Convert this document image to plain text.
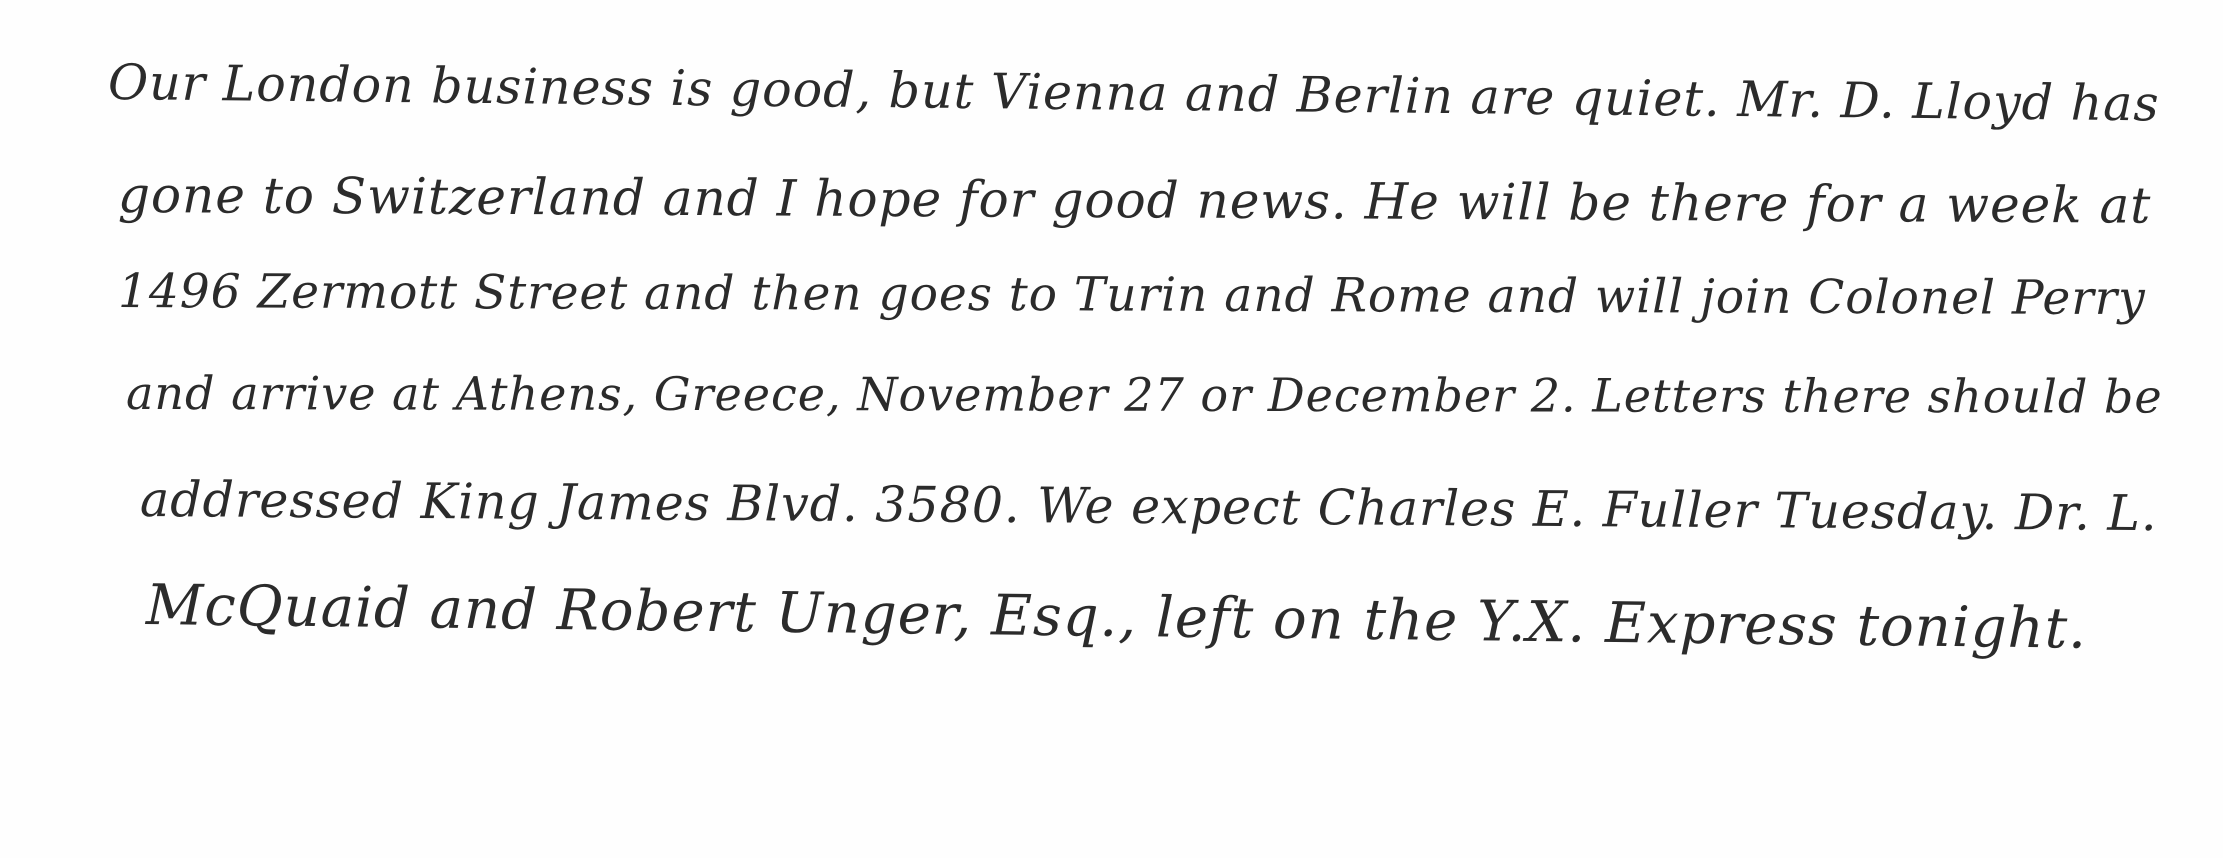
Our London business is good, but Vienna and Berlin are quiet. Mr. D. Lloyd has
gone to Switzerland and I hope for good news. He will be there for a week at
1496 Zermott Street and then goes to Turin and Rome and will join Colonel Perry
and arrive at Athens, Greece, November 27 or December 2. Letters there should be
addressed King James Blvd. 3580. We expect Charles E. Fuller Tuesday. Dr. L.
McQuaid and Robert Unger, Esq., left on the Y.X. Express tonight.
